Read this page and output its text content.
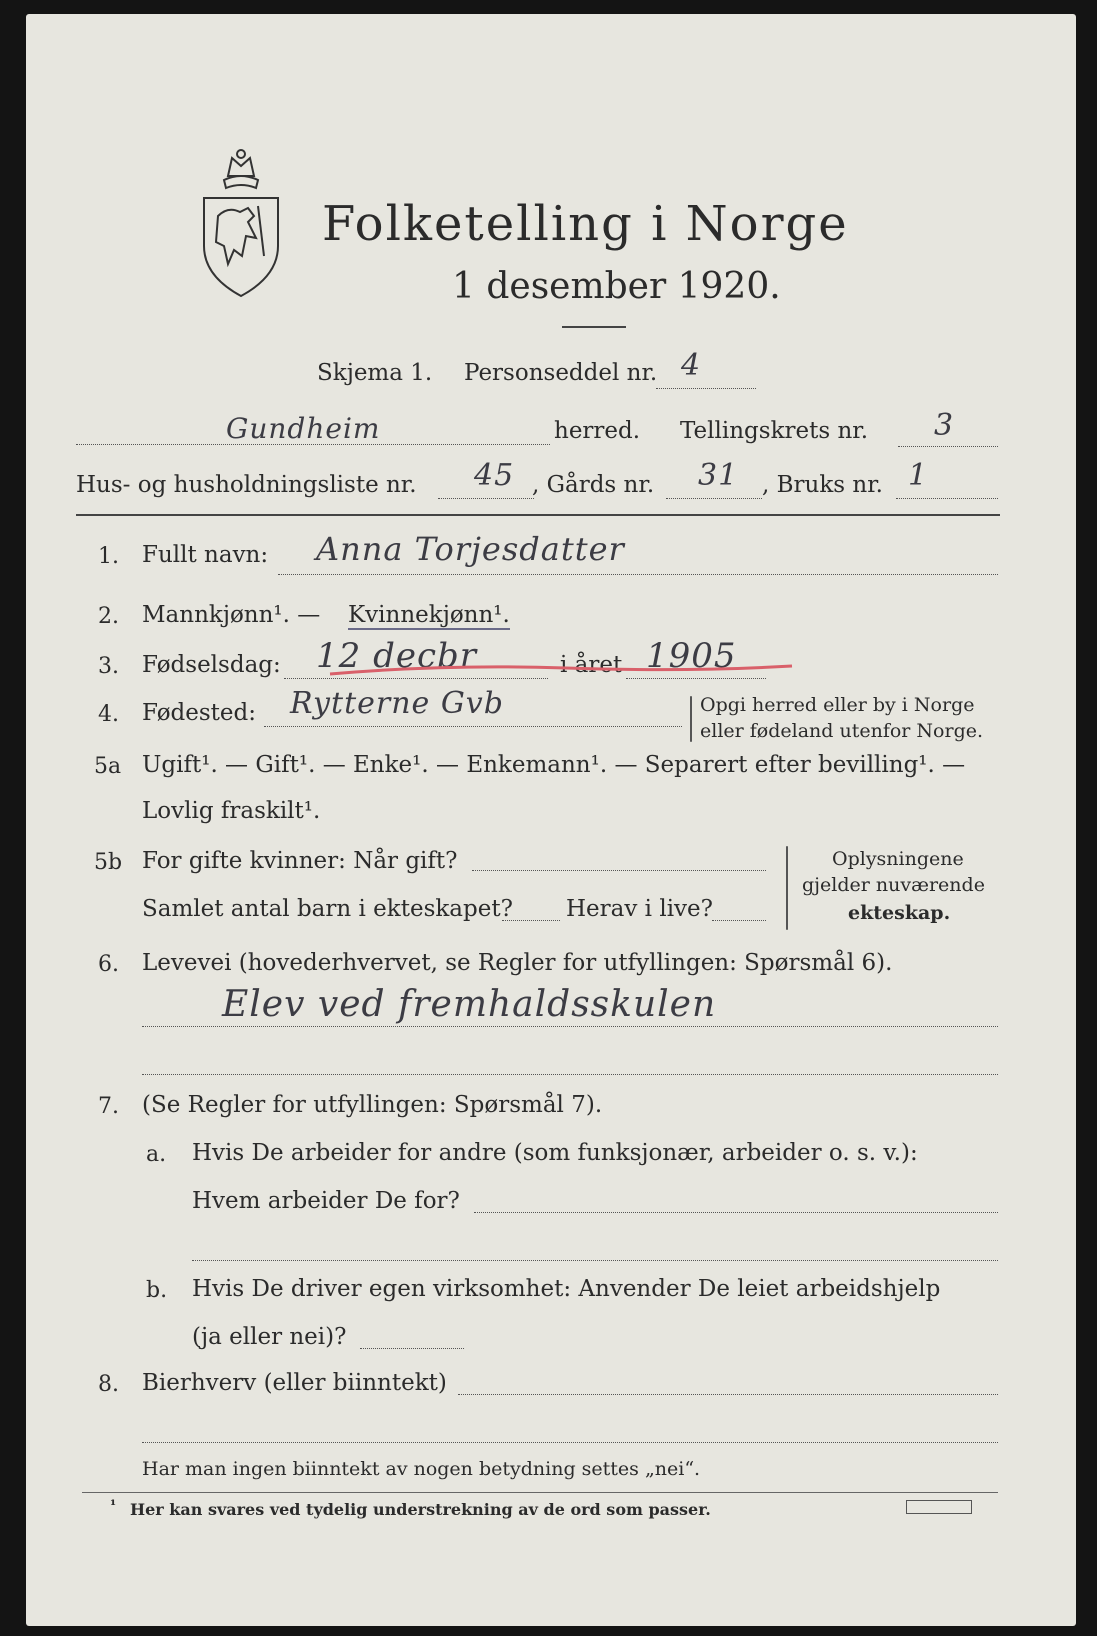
Folketelling i Norge
1 desember 1920.
Skjema 1. Personseddel nr. 4
Gundheim	herred. Tellingskrets nr. 3
Hus- og husholdningsliste nr. 45 , Gårds nr. 31 , Bruks nr. 1
1. Fullt navn: Anna Torjesdatter
2. Mannkjønn¹. — Kvinnekjønn¹.
3. Fødselsdag: 12 decbr	i året 1905
4. Fødested: Rytterne Gvb	Opgi herred eller by i Norge
eller fødeland utenfor Norge.
5a Ugift¹. — Gift¹. — Enke¹. — Enkemann¹. — Separert efter bevilling¹. —
Lovlig fraskilt¹.
5b For gifte kvinner: Når gift?
Samlet antal barn i ekteskapet? Herav i live?
Oplysningene
gjelder nuværende
ekteskap.
6. Levevei (hovederhvervet, se Regler for utfyllingen: Spørsmål 6).
Elev ved fremhaldsskulen
7. (Se Regler for utfyllingen: Spørsmål 7).
a. Hvis De arbeider for andre (som funksjonær, arbeider o. s. v.):
Hvem arbeider De for?
b. Hvis De driver egen virksomhet: Anvender De leiet arbeidshjelp
(ja eller nei)?
8. Bierhverv (eller biinntekt)
Har man ingen biinntekt av nogen betydning settes „nei“.
¹ Her kan svares ved tydelig understrekning av de ord som passer.
